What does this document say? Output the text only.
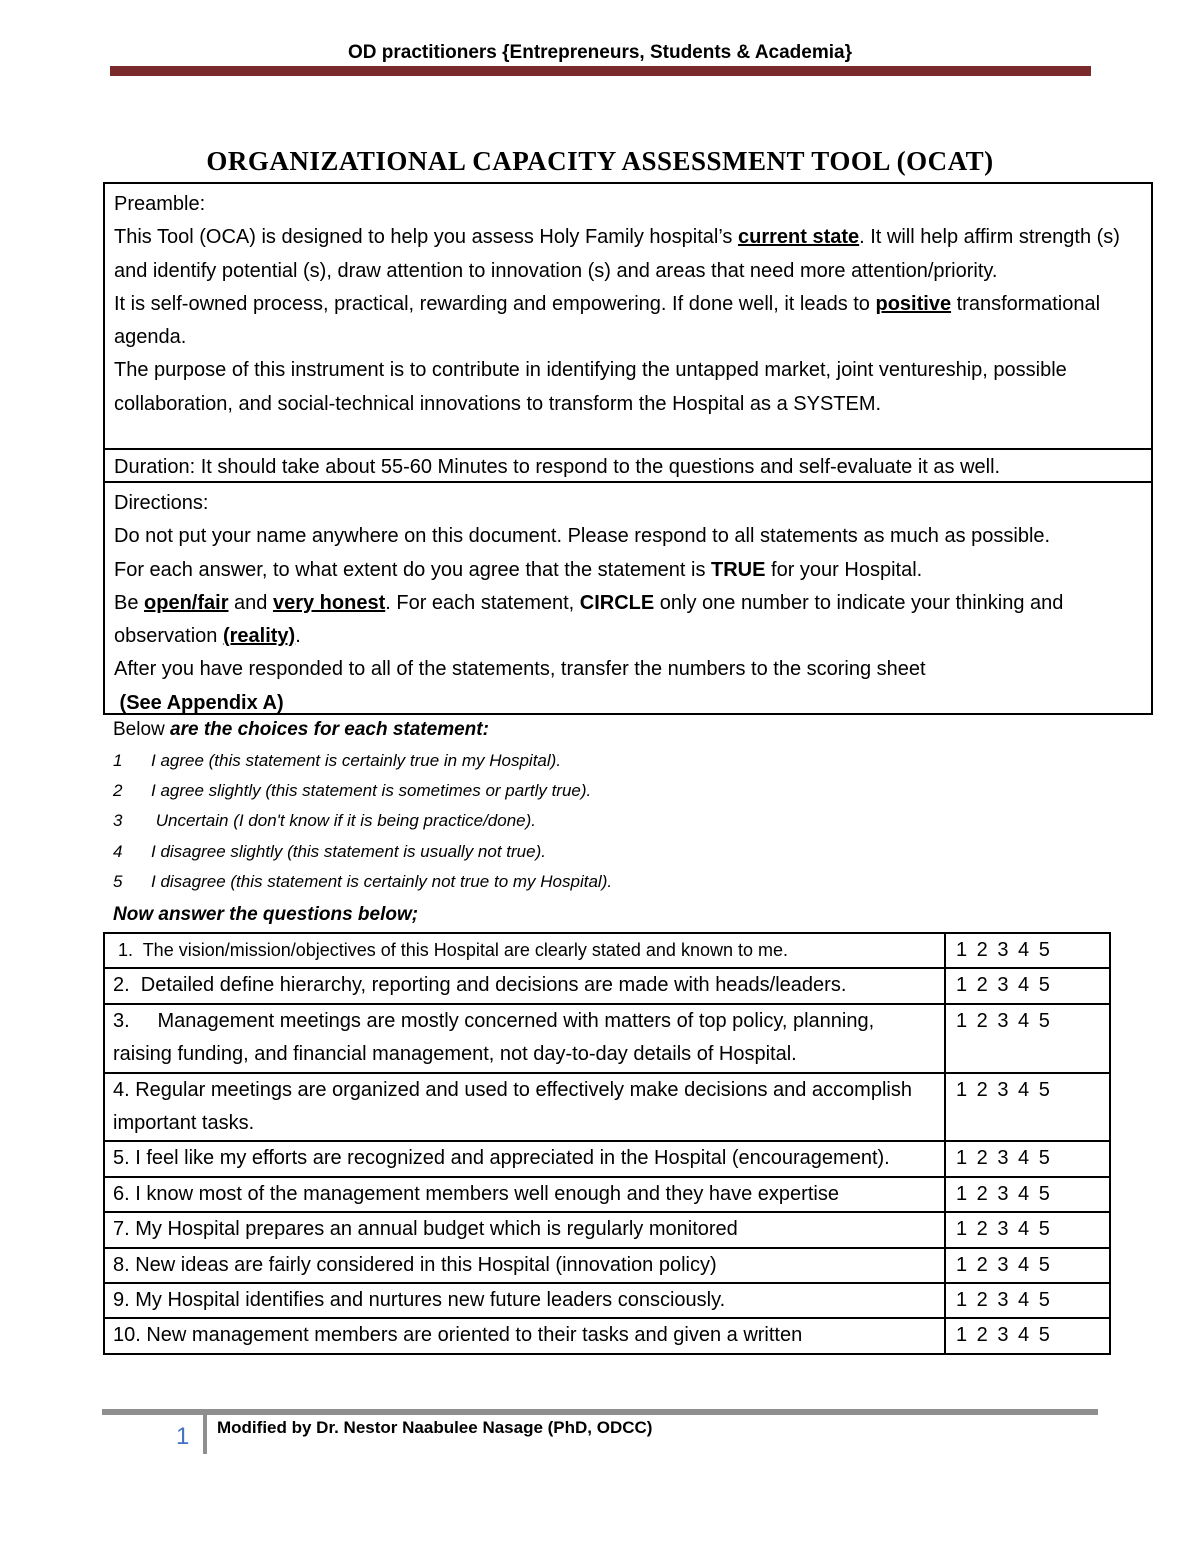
OD practitioners {Entrepreneurs, Students & Academia}
ORGANIZATIONAL CAPACITY ASSESSMENT TOOL (OCAT)

Preamble:

This Tool (OCA) is designed to help you assess Holy Family hospital’s current state. It will help affirm strength (s) and identify potential (s), draw attention to innovation (s) and areas that need more attention/priority.

It is self-owned process, practical, rewarding and empowering. If done well, it leads to positive transformational agenda.

The purpose of this instrument is to contribute in identifying the untapped market, joint ventureship, possible collaboration, and social-technical innovations to transform the Hospital as a SYSTEM.

Duration: It should take about 55-60 Minutes to respond to the questions and self-evaluate it as well.

Directions:

Do not put your name anywhere on this document. Please respond to all statements as much as possible.

For each answer, to what extent do you agree that the statement is TRUE for your Hospital.

Be open/fair and very honest. For each statement, CIRCLE only one number to indicate your thinking and observation (reality).

After you have responded to all of the statements, transfer the numbers to the scoring sheet

(See Appendix A)

Below are the choices for each statement:
1	I agree (this statement is certainly true in my Hospital).
2	I agree slightly (this statement is sometimes or partly true).
3	Uncertain (I don't know if it is being practice/done).
4	I disagree slightly (this statement is usually not true).
5	I disagree (this statement is certainly not true to my Hospital).
Now answer the questions below;
1.  The vision/mission/objectives of this Hospital are clearly stated and known to me.	1 2 3 4 5
2.  Detailed define hierarchy, reporting and decisions are made with heads/leaders.	1 2 3 4 5
3.     Management meetings are mostly concerned with matters of top policy, planning, raising funding, and financial management, not day-to-day details of Hospital.	1 2 3 4 5
4. Regular meetings are organized and used to effectively make decisions and accomplish important tasks.	1 2 3 4 5
5. I feel like my efforts are recognized and appreciated in the Hospital (encouragement).	1 2 3 4 5
6. I know most of the management members well enough and they have expertise	1 2 3 4 5
7. My Hospital prepares an annual budget which is regularly monitored	1 2 3 4 5
8. New ideas are fairly considered in this Hospital (innovation policy)	1 2 3 4 5
9. My Hospital identifies and nurtures new future leaders consciously.	1 2 3 4 5
10. New management members are oriented to their tasks and given a written	1 2 3 4 5
1 Modified by Dr. Nestor Naabulee Nasage (PhD, ODCC)
